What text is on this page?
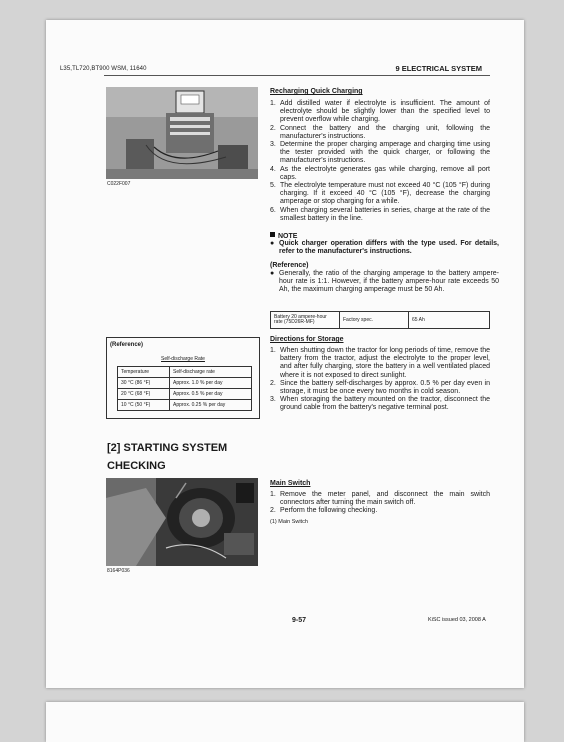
L35,TL720,BT900 WSM, 11640	9 ELECTRICAL SYSTEM
C022F007
Recharging Quick Charging
1. Add distilled water if electrolyte is insufficient. The amount of electrolyte should be slightly lower than the specified level to prevent overflow while charging.
2. Connect the battery and the charging unit, following the manufacturer's instructions.
3. Determine the proper charging amperage and charging time using the tester provided with the quick charger, or following the manufacturer's instructions.
4. As the electrolyte generates gas while charging, remove all port caps.
5. The electrolyte temperature must not exceed 40 °C (105 °F) during charging. If it exceed 40 °C (105 °F), decrease the charging amperage or stop charging for a while.
6. When charging several batteries in series, charge at the rate of the smallest battery in the line.
NOTE
● Quick charger operation differs with the type used. For details, refer to the manufacturer's instructions.
(Reference)
● Generally, the ratio of the charging amperage to the battery ampere-hour rate is 1:1. However, if the battery ampere-hour rate exceeds 50 Ah, the maximum charging amperage must be 50 Ah.
Battery 20 ampere-hour rate (75D26R-MF)	Factory spec.	65 Ah
(Reference)
Self-discharge Rate
Temperature	Self-discharge rate
30 °C (86 °F)	Approx. 1.0 % per day
20 °C (68 °F)	Approx. 0.5 % per day
10 °C (50 °F)	Approx. 0.25 % per day
Directions for Storage
1. When shutting down the tractor for long periods of time, remove the battery from the tractor, adjust the electrolyte to the proper level, and after fully charging, store the battery in a well ventilated placed where it is not exposed to direct sunlight.
2. Since the battery self-discharges by approx. 0.5 % per day even in storage, it must be once every two months in cold season.
3. When storaging the battery mounted on the tractor, disconnect the ground cable from the battery's negative terminal post.
[2] STARTING SYSTEM
CHECKING
8164P036
Main Switch
1. Remove the meter panel, and disconnect the main switch connectors after turning the main switch off.
2. Perform the following checking.
(1) Main Switch
9-57	KiSC issued 03, 2008 A
